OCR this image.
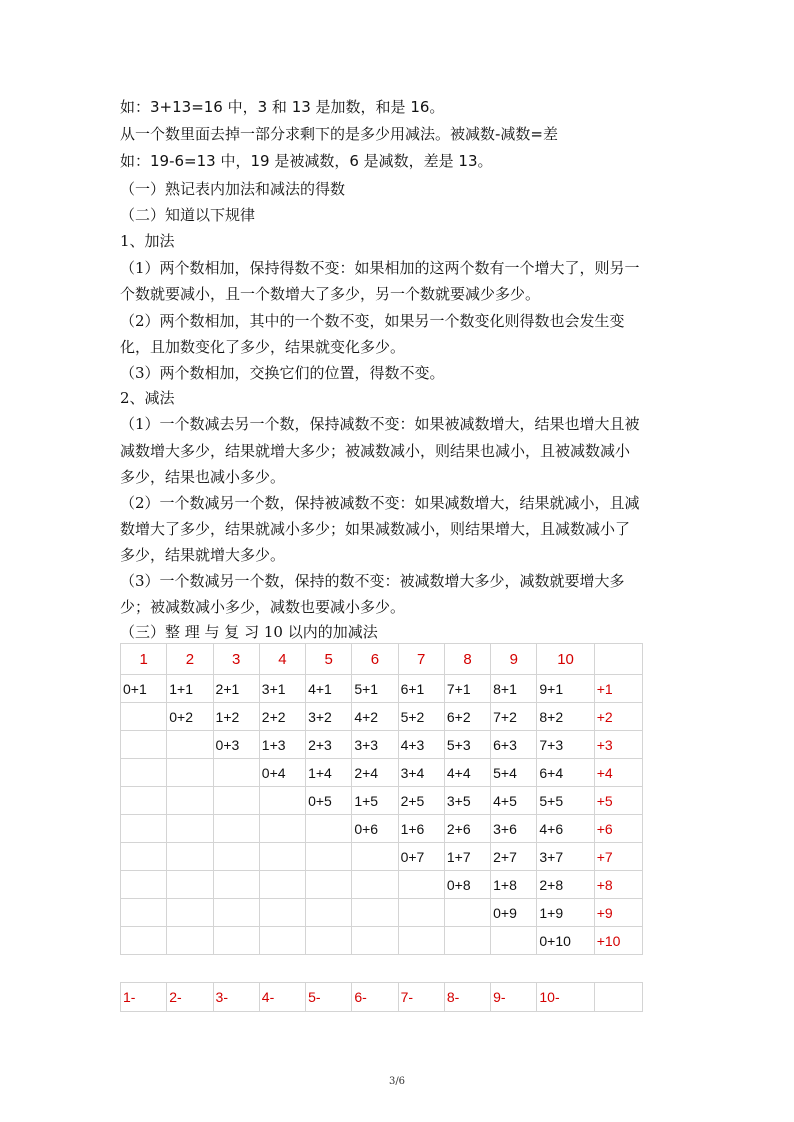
如：3+13=16 中，3 和 13 是加数，和是 16。
从一个数里面去掉一部分求剩下的是多少用减法。被减数-减数=差
如：19-6=13 中，19 是被减数，6 是减数，差是 13。
（一）熟记表内加法和减法的得数
（二）知道以下规律
1、加法
（1）两个数相加，保持得数不变：如果相加的这两个数有一个增大了，则另一
个数就要减小，且一个数增大了多少，另一个数就要减少多少。
（2）两个数相加，其中的一个数不变，如果另一个数变化则得数也会发生变
化，且加数变化了多少，结果就变化多少。
（3）两个数相加，交换它们的位置，得数不变。
2、减法
（1）一个数减去另一个数，保持减数不变：如果被减数增大，结果也增大且被
减数增大多少，结果就增大多少；被减数减小，则结果也减小，且被减数减小
多少，结果也减小多少。
（2）一个数减另一个数，保持被减数不变：如果减数增大，结果就减小，且减
数增大了多少，结果就减小多少；如果减数减小，则结果增大，且减数减小了
多少，结果就增大多少。
（3）一个数减另一个数，保持的数不变：被减数增大多少，减数就要增大多
少；被减数减小多少，减数也要减小多少。
（三）整 理 与 复 习 10 以内的加减法
1	2	3	4	5	6	7	8	9	10	
0+1	1+1	2+1	3+1	4+1	5+1	6+1	7+1	8+1	9+1	+1
	0+2	1+2	2+2	3+2	4+2	5+2	6+2	7+2	8+2	+2
		0+3	1+3	2+3	3+3	4+3	5+3	6+3	7+3	+3
			0+4	1+4	2+4	3+4	4+4	5+4	6+4	+4
				0+5	1+5	2+5	3+5	4+5	5+5	+5
					0+6	1+6	2+6	3+6	4+6	+6
						0+7	1+7	2+7	3+7	+7
							0+8	1+8	2+8	+8
								0+9	1+9	+9
									0+10	+10
1-	2-	3-	4-	5-	6-	7-	8-	9-	10-	
3/6
